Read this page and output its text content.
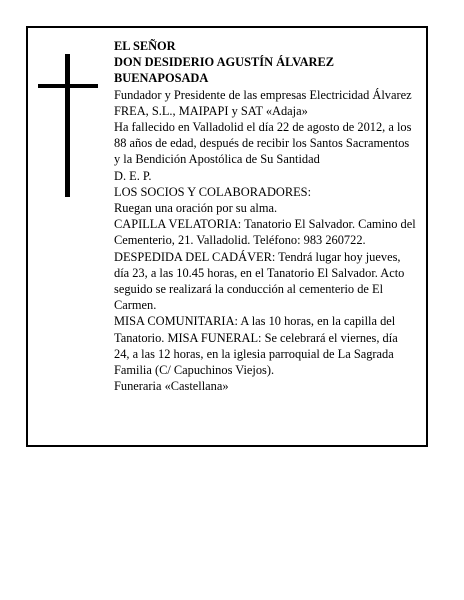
EL SEÑOR

DON DESIDERIO AGUSTÍN ÁLVAREZ BUENAPOSADA

Fundador y Presidente de las empresas Electricidad Álvarez FREA, S.L., MAIPAPI y SAT «Adaja»

Ha fallecido en Valladolid el día 22 de agosto de 2012, a los 88 años de edad, después de recibir los Santos Sacramentos y la Bendición Apostólica de Su Santidad

D. E. P.

LOS SOCIOS Y COLABORADORES:

Ruegan una oración por su alma.

CAPILLA VELATORIA: Tanatorio El Salvador. Camino del Cementerio, 21. Valladolid. Teléfono: 983 260722.

DESPEDIDA DEL CADÁVER: Tendrá lugar hoy jueves, día 23, a las 10.45 horas, en el Tanatorio El Salvador. Acto seguido se realizará la conducción al cementerio de El Carmen.

MISA COMUNITARIA: A las 10 horas, en la capilla del Tanatorio. MISA FUNERAL: Se celebrará el viernes, día 24, a las 12 horas, en la iglesia parroquial de La Sagrada Familia (C/ Capuchinos Viejos).

Funeraria «Castellana»
